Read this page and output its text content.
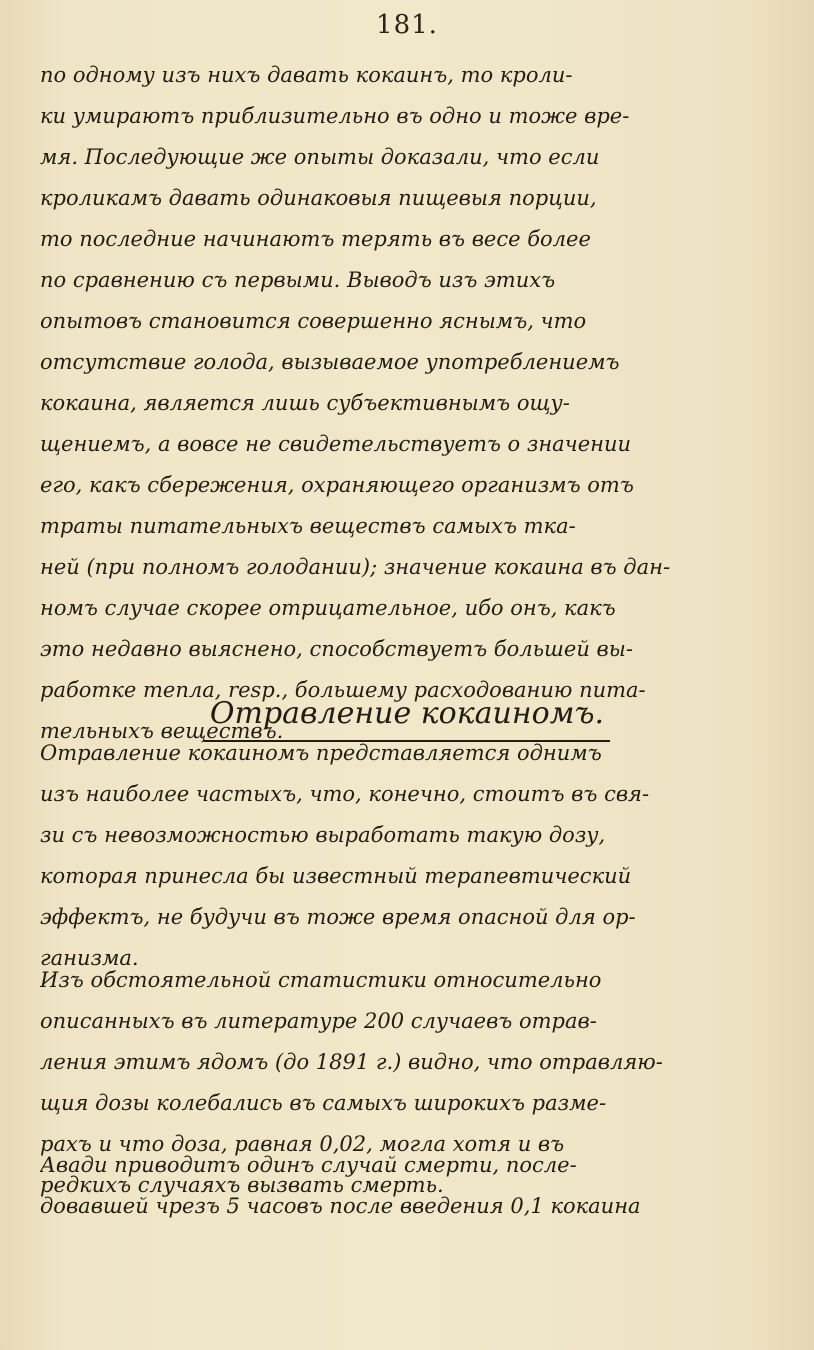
181.
по одному изъ нихъ давать кокаинъ, то кроли-
ки умираютъ приблизительно въ одно и тоже вре-
мя. Последующие же опыты доказали, что если
кроликамъ давать одинаковыя пищевыя порции,
то последние начинаютъ терять въ весе более
по сравнению съ первыми. Выводъ изъ этихъ
опытовъ становится совершенно яснымъ, что
отсутствие голода, вызываемое употреблениемъ
кокаина, является лишь субъективнымъ ощу-
щениемъ, а вовсе не свидетельствуетъ о значении
его, какъ сбережения, охраняющего организмъ отъ
траты питательныхъ веществъ самыхъ тка-
ней (при полномъ голодании); значение кокаина въ дан-
номъ случае скорее отрицательное, ибо онъ, какъ
это недавно выяснено, способствуетъ большей вы-
работке тепла, resp., большему расходованию пита-
тельныхъ веществъ.
Отравление кокаиномъ.
Отравление кокаиномъ представляется однимъ
изъ наиболее частыхъ, что, конечно, стоитъ въ свя-
зи съ невозможностью выработать такую дозу,
которая принесла бы известный терапевтический
эффектъ, не будучи въ тоже время опасной для ор-
ганизма.
Изъ обстоятельной статистики относительно
описанныхъ въ литературе 200 случаевъ отрав-
ления этимъ ядомъ (до 1891 г.) видно, что отравляю-
щия дозы колебались въ самыхъ широкихъ разме-
рахъ и что доза, равная 0,02, могла хотя и въ
редкихъ случаяхъ вызвать смерть.
Авади приводитъ одинъ случай смерти, после-
довавшей чрезъ 5 часовъ после введения 0,1 кокаина
